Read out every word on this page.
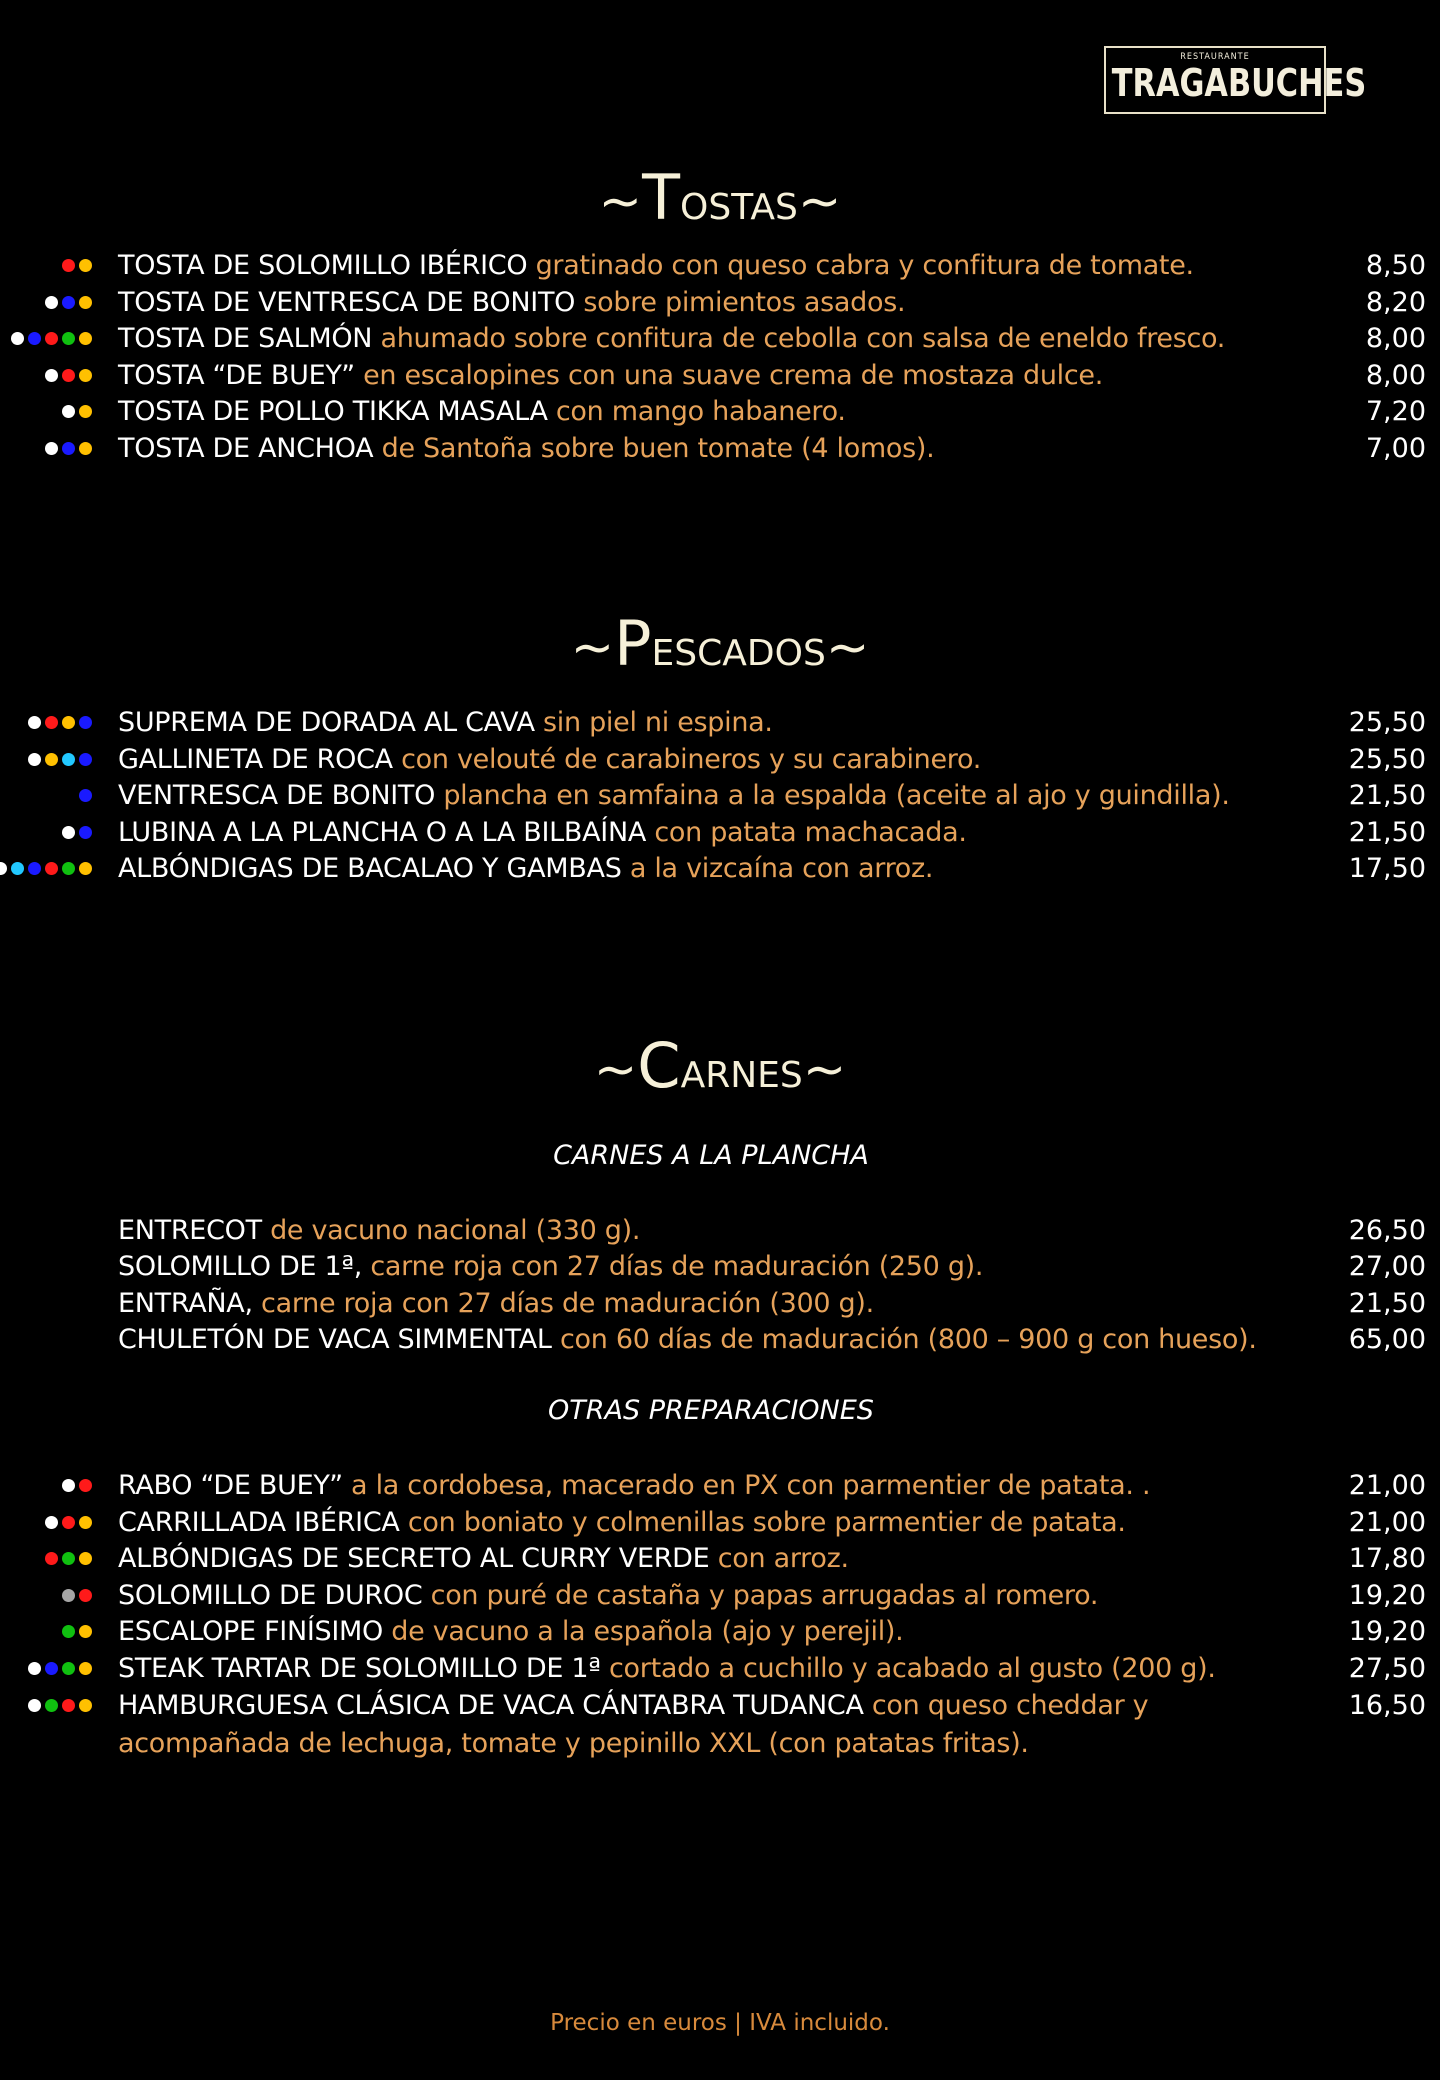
RESTAURANTE
TRAGABUCHES
~Tostas~
TOSTA DE SOLOMILLO IBÉRICO gratinado con queso cabra y confitura de tomate.	8,50
TOSTA DE VENTRESCA DE BONITO sobre pimientos asados.	8,20
TOSTA DE SALMÓN ahumado sobre confitura de cebolla con salsa de eneldo fresco.	8,00
TOSTA “DE BUEY” en escalopines con una suave crema de mostaza dulce.	8,00
TOSTA DE POLLO TIKKA MASALA con mango habanero.	7,20
TOSTA DE ANCHOA de Santoña sobre buen tomate (4 lomos).	7,00
~Pescados~
SUPREMA DE DORADA AL CAVA sin piel ni espina.	25,50
GALLINETA DE ROCA con velouté de carabineros y su carabinero.	25,50
VENTRESCA DE BONITO plancha en samfaina a la espalda (aceite al ajo y guindilla).	21,50
LUBINA A LA PLANCHA O A LA BILBAÍNA con patata machacada.	21,50
ALBÓNDIGAS DE BACALAO Y GAMBAS a la vizcaína con arroz.	17,50
~Carnes~
CARNES A LA PLANCHA
ENTRECOT de vacuno nacional (330 g).	26,50
SOLOMILLO DE 1ª, carne roja con 27 días de maduración (250 g).	27,00
ENTRAÑA, carne roja con 27 días de maduración (300 g).	21,50
CHULETÓN DE VACA SIMMENTAL con 60 días de maduración (800 – 900 g con hueso).	65,00
OTRAS PREPARACIONES
RABO “DE BUEY” a la cordobesa, macerado en PX con parmentier de patata. .	21,00
CARRILLADA IBÉRICA con boniato y colmenillas sobre parmentier de patata.	21,00
ALBÓNDIGAS DE SECRETO AL CURRY VERDE con arroz.	17,80
SOLOMILLO DE DUROC con puré de castaña y papas arrugadas al romero.	19,20
ESCALOPE FINÍSIMO de vacuno a la española (ajo y perejil).	19,20
STEAK TARTAR DE SOLOMILLO DE 1ª cortado a cuchillo y acabado al gusto (200 g).	27,50
HAMBURGUESA CLÁSICA DE VACA CÁNTABRA TUDANCA con queso cheddar y	16,50
acompañada de lechuga, tomate y pepinillo XXL (con patatas fritas).
Precio en euros | IVA incluido.
